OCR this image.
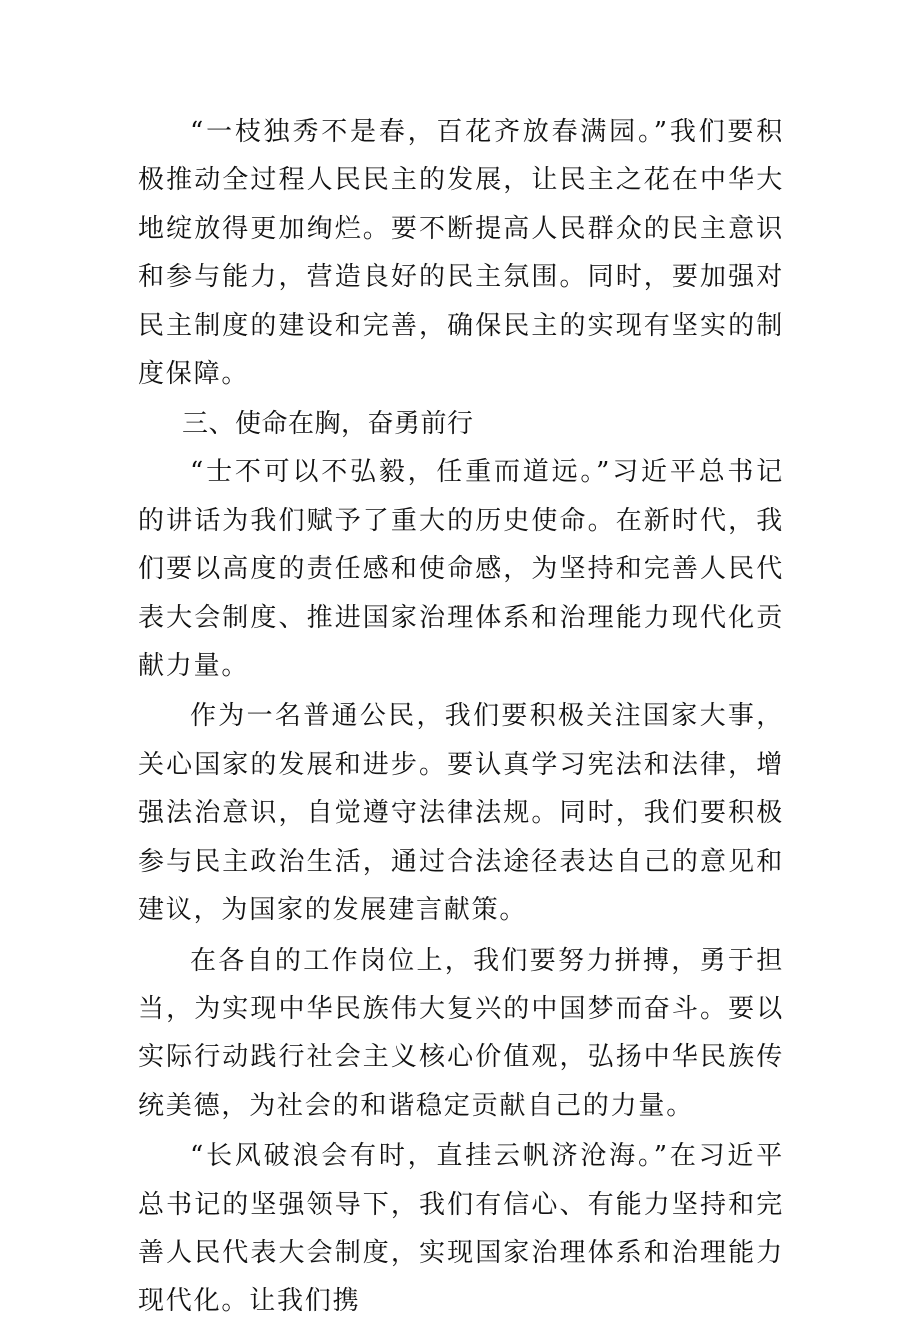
“一枝独秀不是春，百花齐放春满园。”我们要积极推动全过程人民民主的发展，让民主之花在中华大地绽放得更加绚烂。要不断提高人民群众的民主意识和参与能力，营造良好的民主氛围。同时，要加强对民主制度的建设和完善，确保民主的实现有坚实的制度保障。

三、使命在胸，奋勇前行

“士不可以不弘毅，任重而道远。”习近平总书记的讲话为我们赋予了重大的历史使命。在新时代，我们要以高度的责任感和使命感，为坚持和完善人民代表大会制度、推进国家治理体系和治理能力现代化贡献力量。

作为一名普通公民，我们要积极关注国家大事，关心国家的发展和进步。要认真学习宪法和法律，增强法治意识，自觉遵守法律法规。同时，我们要积极参与民主政治生活，通过合法途径表达自己的意见和建议，为国家的发展建言献策。

在各自的工作岗位上，我们要努力拼搏，勇于担当，为实现中华民族伟大复兴的中国梦而奋斗。要以实际行动践行社会主义核心价值观，弘扬中华民族传统美德，为社会的和谐稳定贡献自己的力量。

“长风破浪会有时，直挂云帆济沧海。”在习近平总书记的坚强领导下，我们有信心、有能力坚持和完善人民代表大会制度，实现国家治理体系和治理能力现代化。让我们携
